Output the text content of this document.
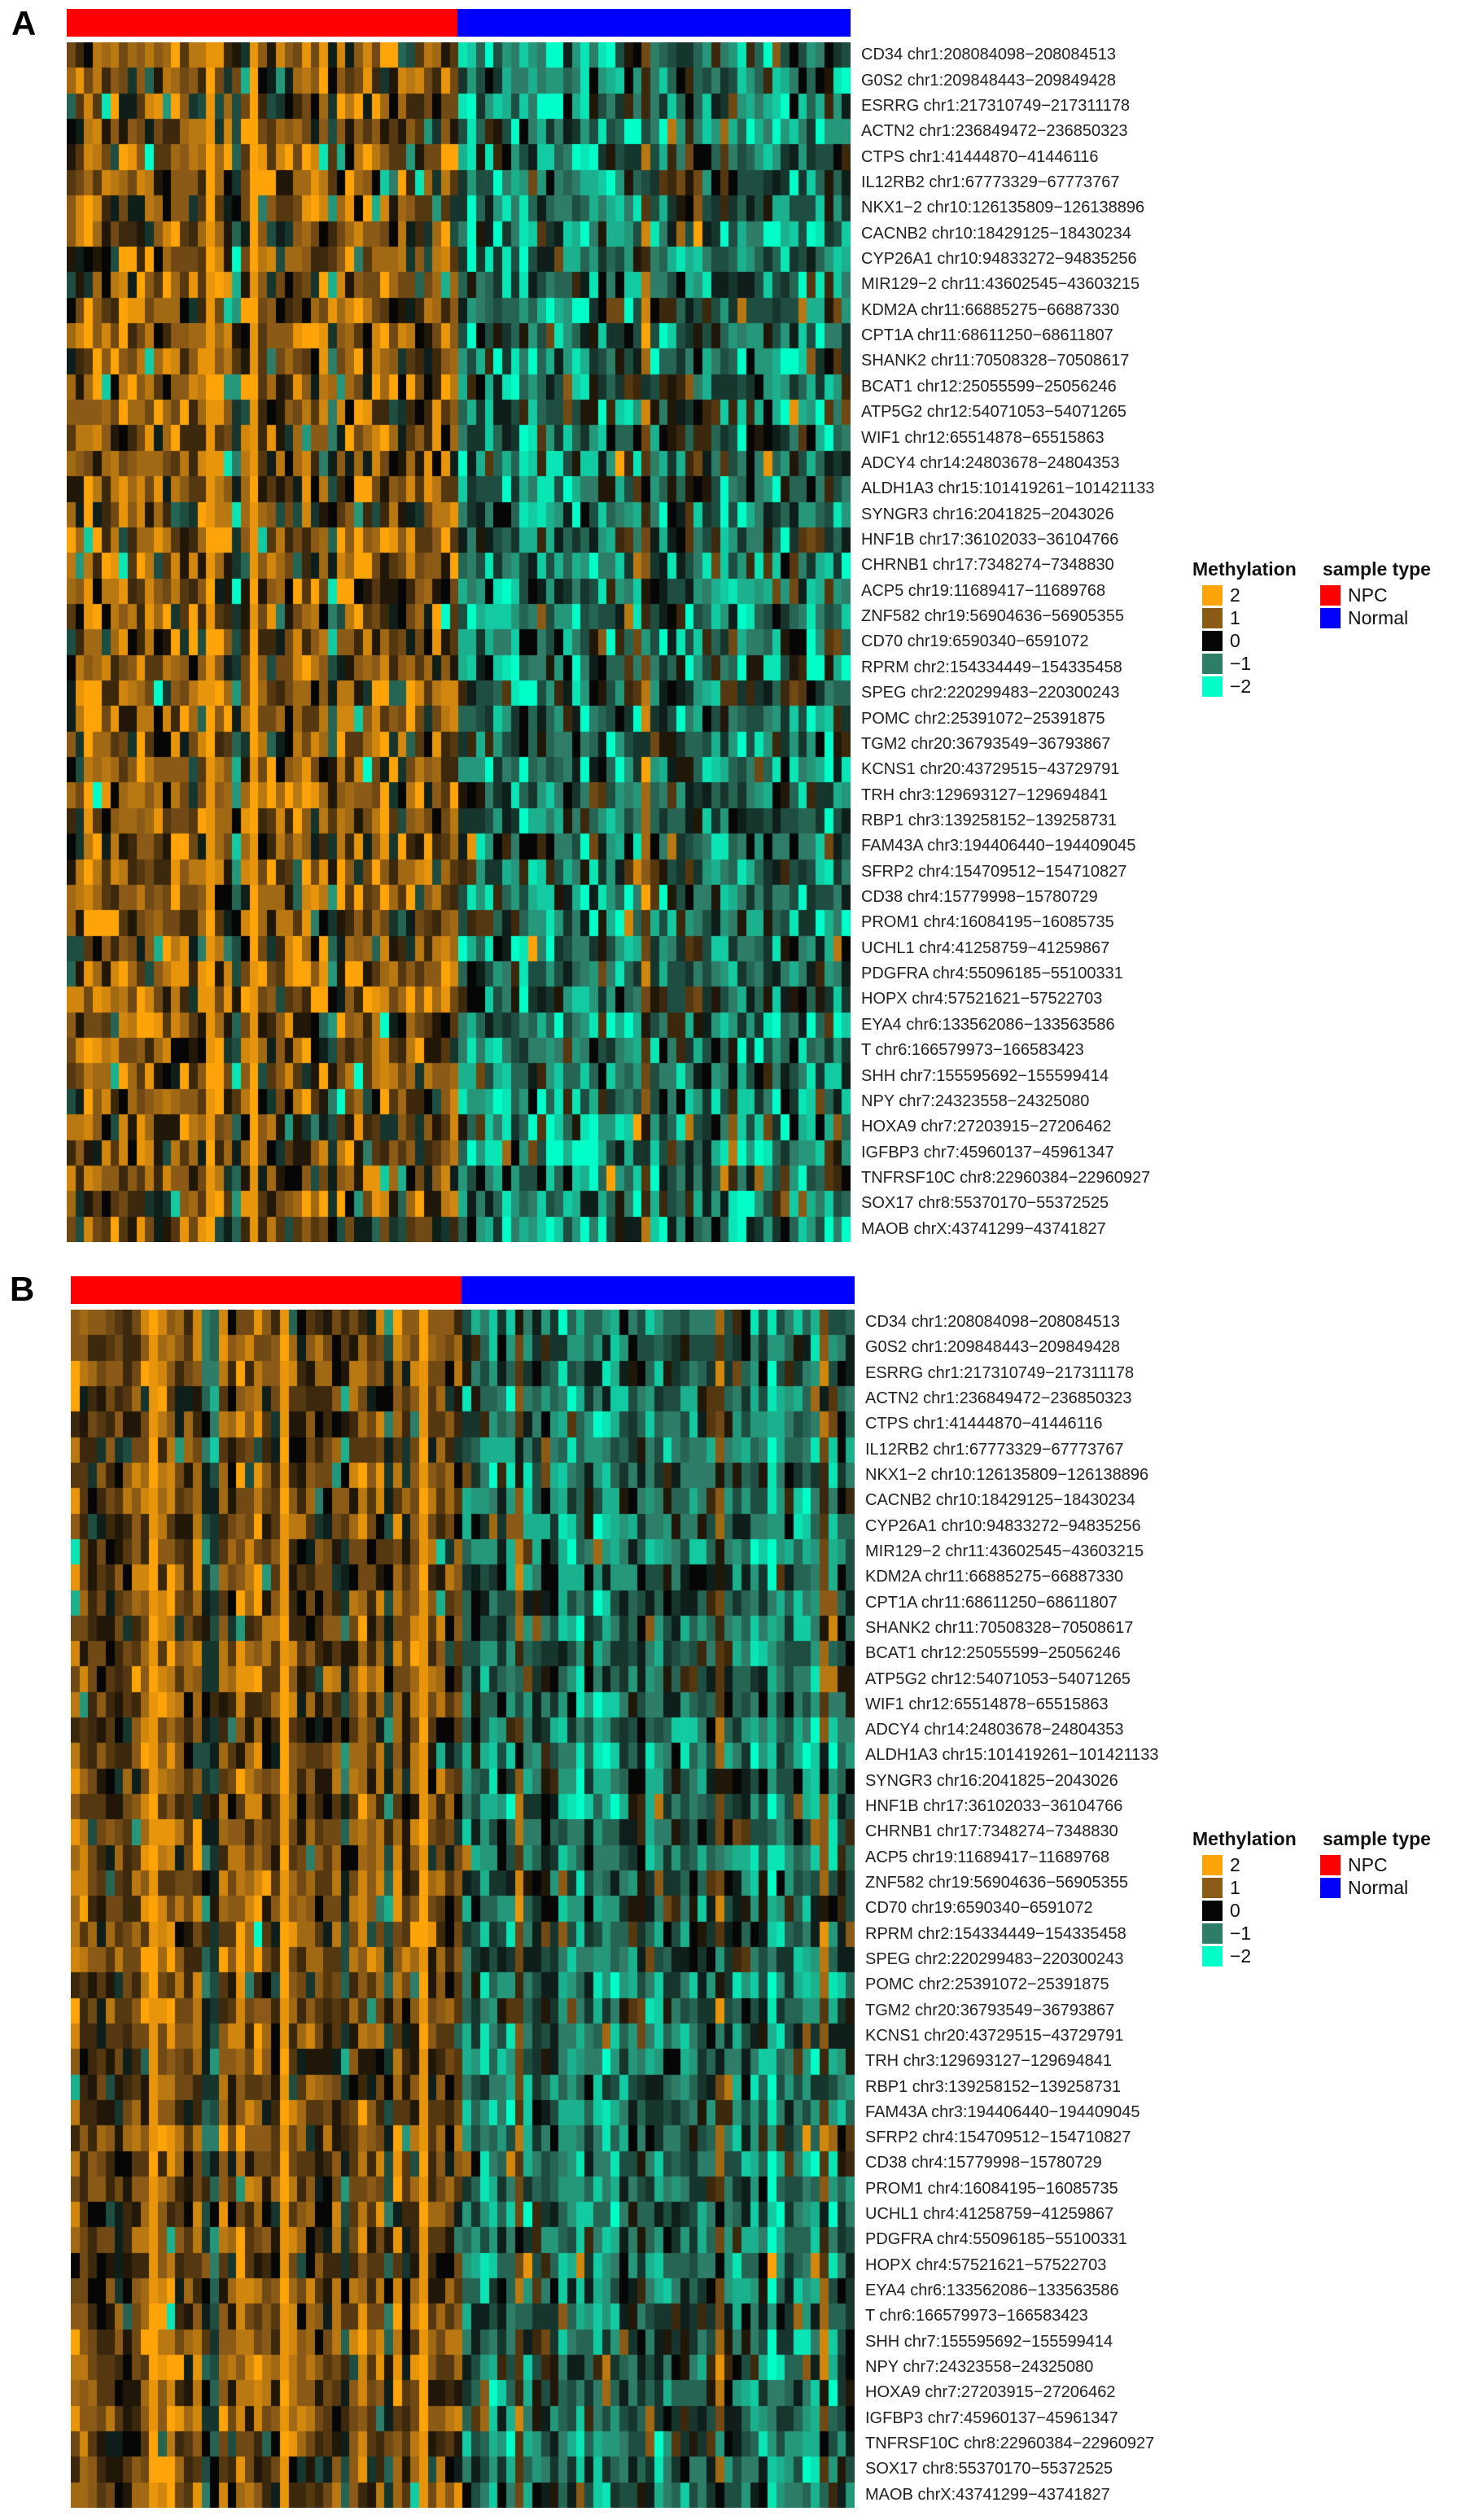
A
CD34 chr1:208084098−208084513
G0S2 chr1:209848443−209849428
ESRRG chr1:217310749−217311178
ACTN2 chr1:236849472−236850323
CTPS chr1:41444870−41446116
IL12RB2 chr1:67773329−67773767
NKX1−2 chr10:126135809−126138896
CACNB2 chr10:18429125−18430234
CYP26A1 chr10:94833272−94835256
MIR129−2 chr11:43602545−43603215
KDM2A chr11:66885275−66887330
CPT1A chr11:68611250−68611807
SHANK2 chr11:70508328−70508617
BCAT1 chr12:25055599−25056246
ATP5G2 chr12:54071053−54071265
WIF1 chr12:65514878−65515863
ADCY4 chr14:24803678−24804353
ALDH1A3 chr15:101419261−101421133
SYNGR3 chr16:2041825−2043026
HNF1B chr17:36102033−36104766
CHRNB1 chr17:7348274−7348830
ACP5 chr19:11689417−11689768
ZNF582 chr19:56904636−56905355
CD70 chr19:6590340−6591072
RPRM chr2:154334449−154335458
SPEG chr2:220299483−220300243
POMC chr2:25391072−25391875
TGM2 chr20:36793549−36793867
KCNS1 chr20:43729515−43729791
TRH chr3:129693127−129694841
RBP1 chr3:139258152−139258731
FAM43A chr3:194406440−194409045
SFRP2 chr4:154709512−154710827
CD38 chr4:15779998−15780729
PROM1 chr4:16084195−16085735
UCHL1 chr4:41258759−41259867
PDGFRA chr4:55096185−55100331
HOPX chr4:57521621−57522703
EYA4 chr6:133562086−133563586
T chr6:166579973−166583423
SHH chr7:155595692−155599414
NPY chr7:24323558−24325080
HOXA9 chr7:27203915−27206462
IGFBP3 chr7:45960137−45961347
TNFRSF10C chr8:22960384−22960927
SOX17 chr8:55370170−55372525
MAOB chrX:43741299−43741827
Methylation sample type
2
1
0
−1
−2
NPC
Normal
B
CD34 chr1:208084098−208084513
G0S2 chr1:209848443−209849428
ESRRG chr1:217310749−217311178
ACTN2 chr1:236849472−236850323
CTPS chr1:41444870−41446116
IL12RB2 chr1:67773329−67773767
NKX1−2 chr10:126135809−126138896
CACNB2 chr10:18429125−18430234
CYP26A1 chr10:94833272−94835256
MIR129−2 chr11:43602545−43603215
KDM2A chr11:66885275−66887330
CPT1A chr11:68611250−68611807
SHANK2 chr11:70508328−70508617
BCAT1 chr12:25055599−25056246
ATP5G2 chr12:54071053−54071265
WIF1 chr12:65514878−65515863
ADCY4 chr14:24803678−24804353
ALDH1A3 chr15:101419261−101421133
SYNGR3 chr16:2041825−2043026
HNF1B chr17:36102033−36104766
CHRNB1 chr17:7348274−7348830
ACP5 chr19:11689417−11689768
ZNF582 chr19:56904636−56905355
CD70 chr19:6590340−6591072
RPRM chr2:154334449−154335458
SPEG chr2:220299483−220300243
POMC chr2:25391072−25391875
TGM2 chr20:36793549−36793867
KCNS1 chr20:43729515−43729791
TRH chr3:129693127−129694841
RBP1 chr3:139258152−139258731
FAM43A chr3:194406440−194409045
SFRP2 chr4:154709512−154710827
CD38 chr4:15779998−15780729
PROM1 chr4:16084195−16085735
UCHL1 chr4:41258759−41259867
PDGFRA chr4:55096185−55100331
HOPX chr4:57521621−57522703
EYA4 chr6:133562086−133563586
T chr6:166579973−166583423
SHH chr7:155595692−155599414
NPY chr7:24323558−24325080
HOXA9 chr7:27203915−27206462
IGFBP3 chr7:45960137−45961347
TNFRSF10C chr8:22960384−22960927
SOX17 chr8:55370170−55372525
MAOB chrX:43741299−43741827
Methylation sample type
2
1
0
−1
−2
NPC
Normal
